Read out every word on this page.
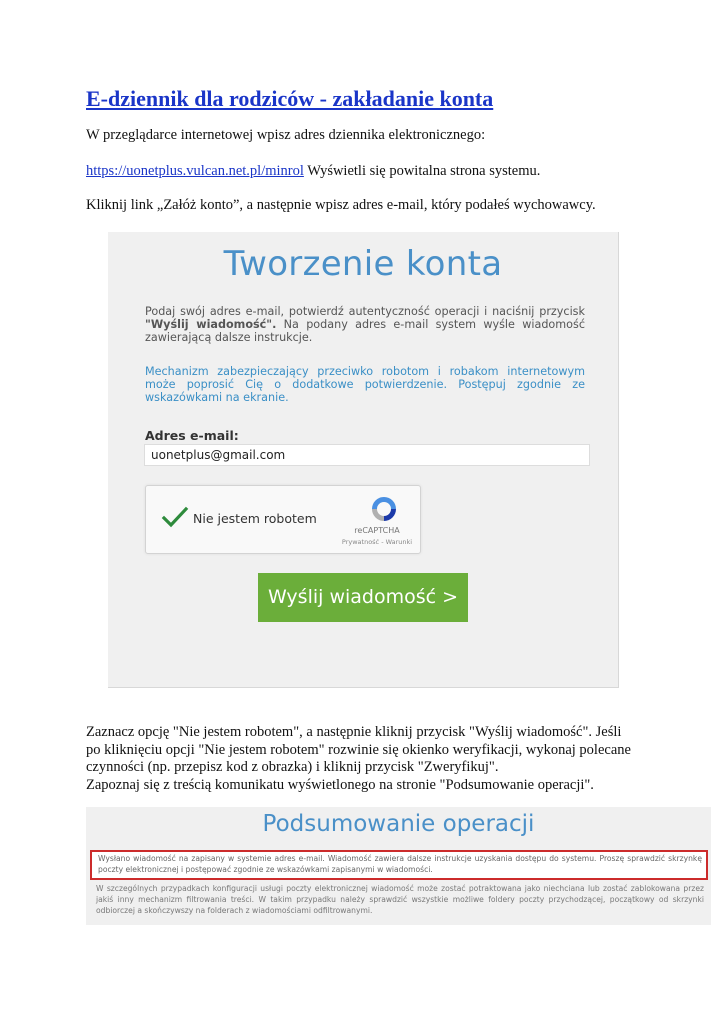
E-dziennik dla rodziców - zakładanie konta

W przeglądarce internetowej wpisz adres dziennika elektronicznego:

https://uonetplus.vulcan.net.pl/minrol Wyświetli się powitalna strona systemu.

Kliknij link „Załóż konto”, a następnie wpisz adres e-mail, który podałeś wychowawcy.

Tworzenie konta

Podaj swój adres e-mail, potwierdź autentyczność operacji i naciśnij przycisk "Wyślij wiadomość". Na podany adres e-mail system wyśle wiadomość zawierającą dalsze instrukcje.

Mechanizm zabezpieczający przeciwko robotom i robakom internetowym może poprosić Cię o dodatkowe potwierdzenie. Postępuj zgodnie ze wskazówkami na ekranie.

Adres e-mail:

uonetplus@gmail.com

Nie jestem robotem

reCAPTCHA

Prywatność - Warunki

Wyślij wiadomość >

Zaznacz opcję "Nie jestem robotem", a następnie kliknij przycisk "Wyślij wiadomość". Jeśli
po kliknięciu opcji "Nie jestem robotem" rozwinie się okienko weryfikacji, wykonaj polecane
czynności (np. przepisz kod z obrazka) i kliknij przycisk "Zweryfikuj".
Zapoznaj się z treścią komunikatu wyświetlonego na stronie "Podsumowanie operacji".

Podsumowanie operacji

Wysłano wiadomość na zapisany w systemie adres e-mail. Wiadomość zawiera dalsze instrukcje uzyskania dostępu do systemu. Proszę sprawdzić skrzynkę poczty elektronicznej i postępować zgodnie ze wskazówkami zapisanymi w wiadomości.

W szczególnych przypadkach konfiguracji usługi poczty elektronicznej wiadomość może zostać potraktowana jako niechciana lub zostać zablokowana przez jakiś inny mechanizm filtrowania treści. W takim przypadku należy sprawdzić wszystkie możliwe foldery poczty przychodzącej, początkowy od skrzynki odbiorczej a skończywszy na folderach z wiadomościami odfiltrowanymi.
